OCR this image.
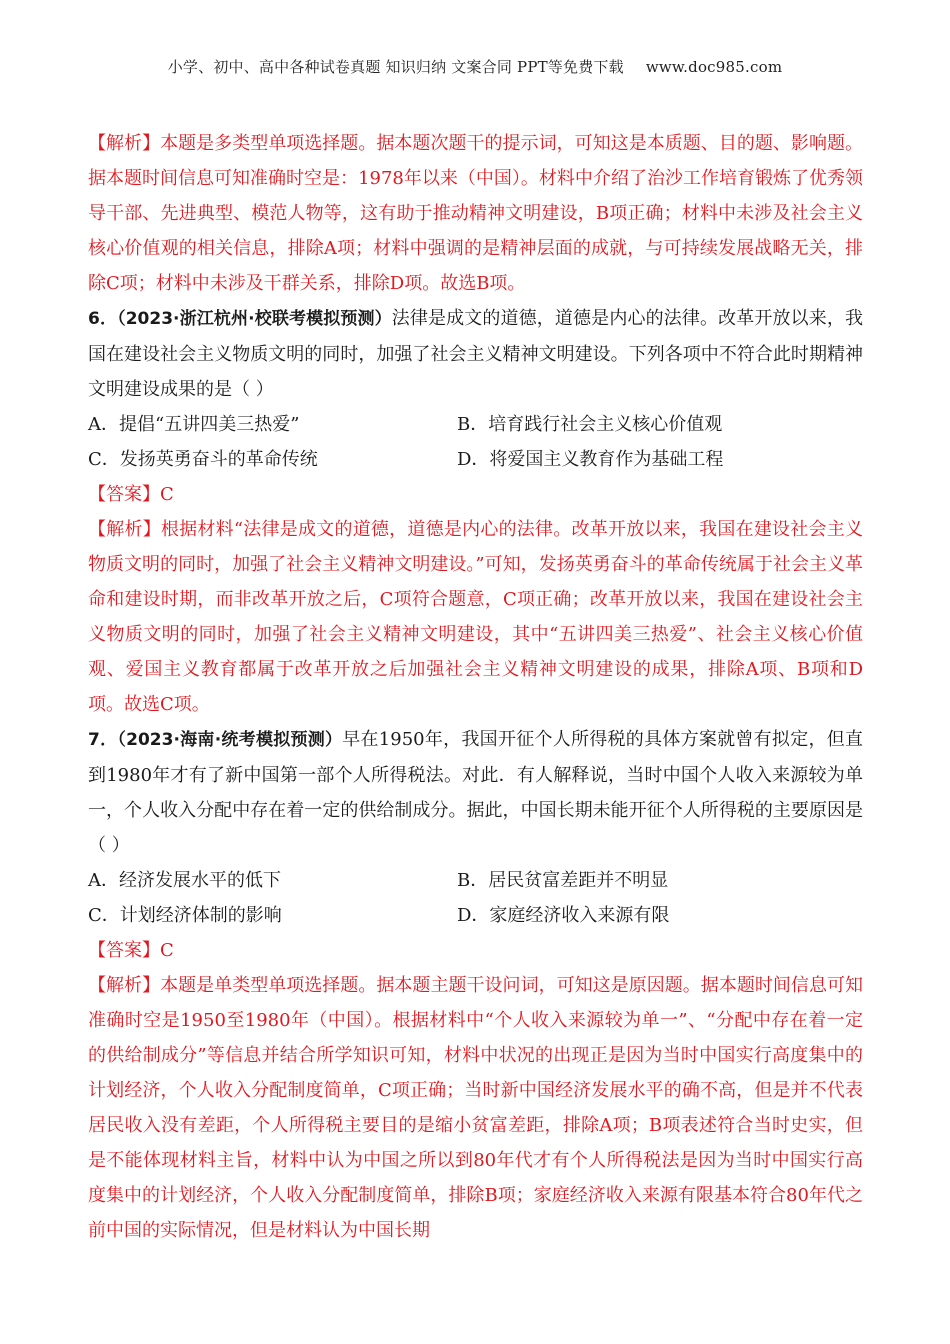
小学、初中、高中各种试卷真题 知识归纳 文案合同 PPT等免费下载 www.doc985.com

【解析】本题是多类型单项选择题。据本题次题干的提示词，可知这是本质题、目的题、影响题。据本题时间信息可知准确时空是：1978年以来（中国）。材料中介绍了治沙工作培育锻炼了优秀领导干部、先进典型、模范人物等，这有助于推动精神文明建设，B项正确；材料中未涉及社会主义核心价值观的相关信息，排除A项；材料中强调的是精神层面的成就，与可持续发展战略无关，排除C项；材料中未涉及干群关系，排除D项。故选B项。

6．（2023·浙江杭州·校联考模拟预测）法律是成文的道德，道德是内心的法律。改革开放以来，我国在建设社会主义物质文明的同时，加强了社会主义精神文明建设。下列各项中不符合此时期精神文明建设成果的是（ ）

A．提倡“五讲四美三热爱”	B．培育践行社会主义核心价值观

C．发扬英勇奋斗的革命传统	D．将爱国主义教育作为基础工程

【答案】C

【解析】根据材料“法律是成文的道德，道德是内心的法律。改革开放以来，我国在建设社会主义物质文明的同时，加强了社会主义精神文明建设。”可知，发扬英勇奋斗的革命传统属于社会主义革命和建设时期，而非改革开放之后，C项符合题意，C项正确；改革开放以来，我国在建设社会主义物质文明的同时，加强了社会主义精神文明建设，其中“五讲四美三热爱”、社会主义核心价值观、爱国主义教育都属于改革开放之后加强社会主义精神文明建设的成果，排除A项、B项和D项。故选C项。

7．（2023·海南·统考模拟预测）早在1950年，我国开征个人所得税的具体方案就曾有拟定，但直到1980年才有了新中国第一部个人所得税法。对此．有人解释说，当时中国个人收入来源较为单一，个人收入分配中存在着一定的供给制成分。据此，中国长期未能开征个人所得税的主要原因是（ ）

A．经济发展水平的低下	B．居民贫富差距并不明显

C．计划经济体制的影响	D．家庭经济收入来源有限

【答案】C

【解析】本题是单类型单项选择题。据本题主题干设问词，可知这是原因题。据本题时间信息可知准确时空是1950至1980年（中国）。根据材料中“个人收入来源较为单一”、“分配中存在着一定的供给制成分”等信息并结合所学知识可知，材料中状况的出现正是因为当时中国实行高度集中的计划经济，个人收入分配制度简单，C项正确；当时新中国经济发展水平的确不高，但是并不代表居民收入没有差距，个人所得税主要目的是缩小贫富差距，排除A项；B项表述符合当时史实，但是不能体现材料主旨，材料中认为中国之所以到80年代才有个人所得税法是因为当时中国实行高度集中的计划经济，个人收入分配制度简单，排除B项；家庭经济收入来源有限基本符合80年代之前中国的实际情况，但是材料认为中国长期
